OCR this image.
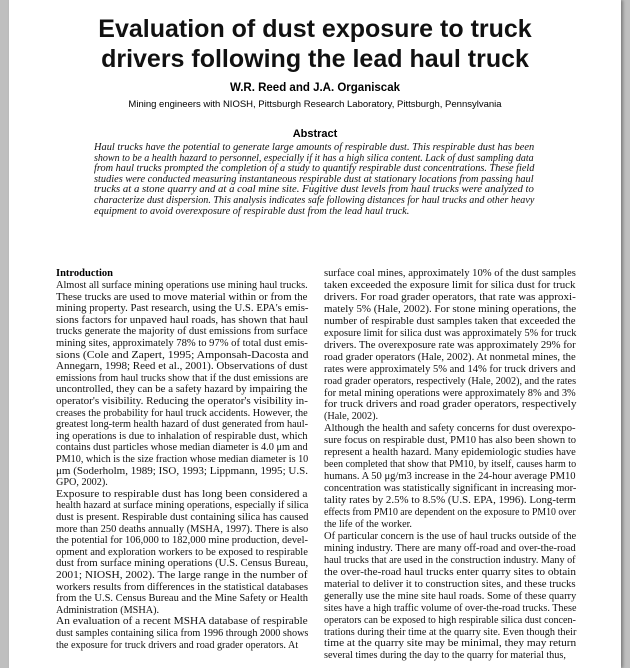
Evaluation of dust exposure to truck
drivers following the lead haul truck
W.R. Reed and J.A. Organiscak
Mining engineers with NIOSH, Pittsburgh Research Laboratory, Pittsburgh, Pennsylvania
Abstract
Haul trucks have the potential to generate large amounts of respirable dust. This respirable dust has been
shown to be a health hazard to personnel, especially if it has a high silica content. Lack of dust sampling data
from haul trucks prompted the completion of a study to quantify respirable dust concentrations. These field
studies were conducted measuring instantaneous respirable dust at stationary locations from passing haul
trucks at a stone quarry and at a coal mine site. Fugitive dust levels from haul trucks were analyzed to
characterize dust dispersion. This analysis indicates safe following distances for haul trucks and other heavy
equipment to avoid overexposure of respirable dust from the lead haul truck.
Introduction
Almost all surface mining operations use mining haul trucks.
These trucks are used to move material within or from the
mining property. Past research, using the U.S. EPA's emis-
sions factors for unpaved haul roads, has shown that haul
trucks generate the majority of dust emissions from surface
mining sites, approximately 78% to 97% of total dust emis-
sions (Cole and Zapert, 1995; Amponsah-Dacosta and
Annegarn, 1998; Reed et al., 2001). Observations of dust
emissions from haul trucks show that if the dust emissions are
uncontrolled, they can be a safety hazard by impairing the
operator's visibility. Reducing the operator's visibility in-
creases the probability for haul truck accidents. However, the
greatest long-term health hazard of dust generated from haul-
ing operations is due to inhalation of respirable dust, which
contains dust particles whose median diameter is 4.0 μm and
PM10, which is the size fraction whose median diameter is 10
μm (Soderholm, 1989; ISO, 1993; Lippmann, 1995; U.S.
GPO, 2002).
Exposure to respirable dust has long been considered a
health hazard at surface mining operations, especially if silica
dust is present. Respirable dust containing silica has caused
more than 250 deaths annually (MSHA, 1997). There is also
the potential for 106,000 to 182,000 mine production, devel-
opment and exploration workers to be exposed to respirable
dust from surface mining operations (U.S. Census Bureau,
2001; NIOSH, 2002). The large range in the number of
workers results from differences in the statistical databases
from the U.S. Census Bureau and the Mine Safety or Health
Administration (MSHA).
An evaluation of a recent MSHA database of respirable
dust samples containing silica from 1996 through 2000 shows
the exposure for truck drivers and road grader operators. At
surface coal mines, approximately 10% of the dust samples
taken exceeded the exposure limit for silica dust for truck
drivers. For road grader operators, that rate was approxi-
mately 5% (Hale, 2002). For stone mining operations, the
number of respirable dust samples taken that exceeded the
exposure limit for silica dust was approximately 5% for truck
drivers. The overexposure rate was approximately 29% for
road grader operators (Hale, 2002). At nonmetal mines, the
rates were approximately 5% and 14% for truck drivers and
road grader operators, respectively (Hale, 2002), and the rates
for metal mining operations were approximately 8% and 3%
for truck drivers and road grader operators, respectively
(Hale, 2002).
Although the health and safety concerns for dust overexpo-
sure focus on respirable dust, PM10 has also been shown to
represent a health hazard. Many epidemiologic studies have
been completed that show that PM10, by itself, causes harm to
humans. A 50 μg/m3 increase in the 24-hour average PM10
concentration was statistically significant in increasing mor-
tality rates by 2.5% to 8.5% (U.S. EPA, 1996). Long-term
effects from PM10 are dependent on the exposure to PM10 over
the life of the worker.
Of particular concern is the use of haul trucks outside of the
mining industry. There are many off-road and over-the-road
haul trucks that are used in the construction industry. Many of
the over-the-road haul trucks enter quarry sites to obtain
material to deliver it to construction sites, and these trucks
generally use the mine site haul roads. Some of these quarry
sites have a high traffic volume of over-the-road trucks. These
operators can be exposed to high respirable silica dust concen-
trations during their time at the quarry site. Even though their
time at the quarry site may be minimal, they may return
several times during the day to the quarry for material thus,
